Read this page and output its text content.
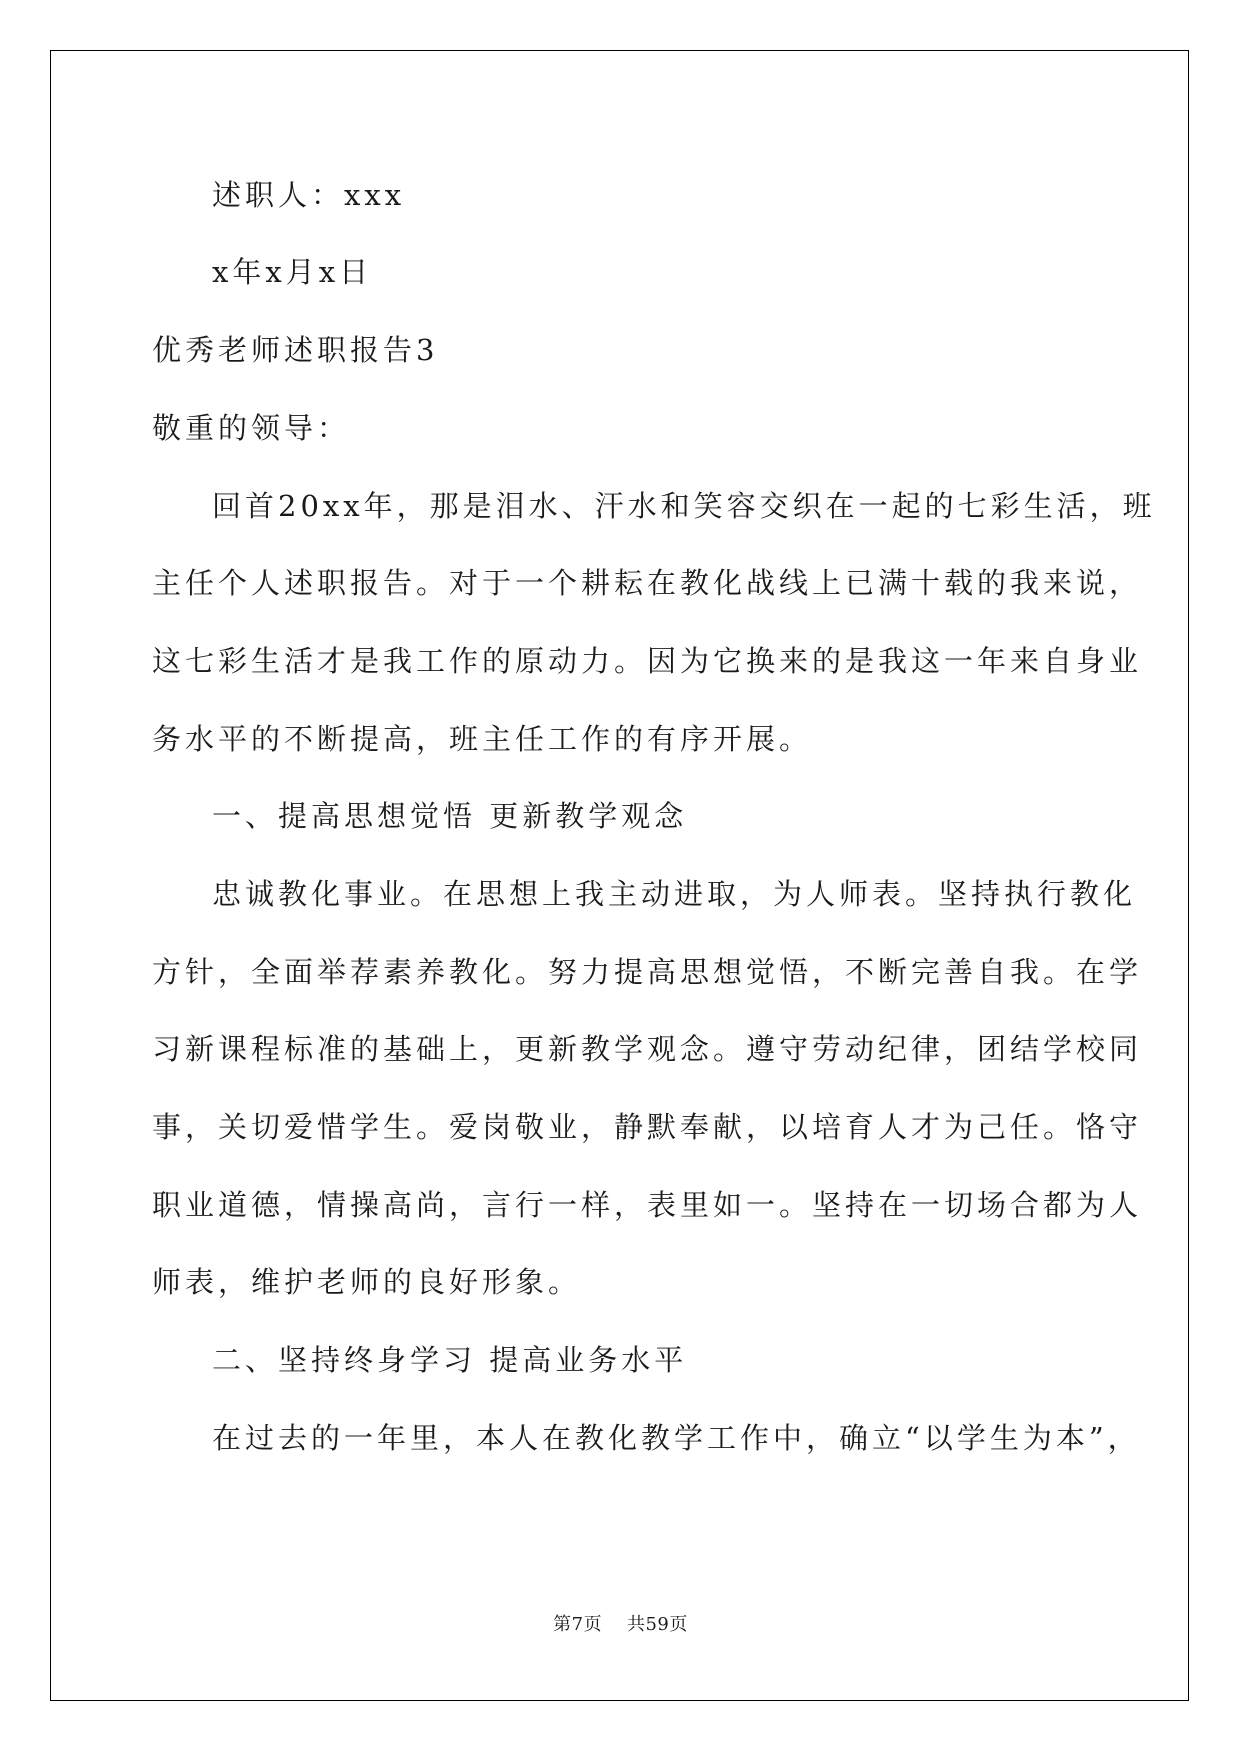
述职人：xxx
x年x月x日
优秀老师述职报告3
敬重的领导：
回首20xx年，那是泪水、汗水和笑容交织在一起的七彩生活，班
主任个人述职报告。对于一个耕耘在教化战线上已满十载的我来说，
这七彩生活才是我工作的原动力。因为它换来的是我这一年来自身业
务水平的不断提高，班主任工作的有序开展。
一、提高思想觉悟 更新教学观念
忠诚教化事业。在思想上我主动进取，为人师表。坚持执行教化
方针，全面举荐素养教化。努力提高思想觉悟，不断完善自我。在学
习新课程标准的基础上，更新教学观念。遵守劳动纪律，团结学校同
事，关切爱惜学生。爱岗敬业，静默奉献，以培育人才为己任。恪守
职业道德，情操高尚，言行一样，表里如一。坚持在一切场合都为人
师表，维护老师的良好形象。
二、坚持终身学习 提高业务水平
在过去的一年里，本人在教化教学工作中，确立“以学生为本”，
第7页 共59页
